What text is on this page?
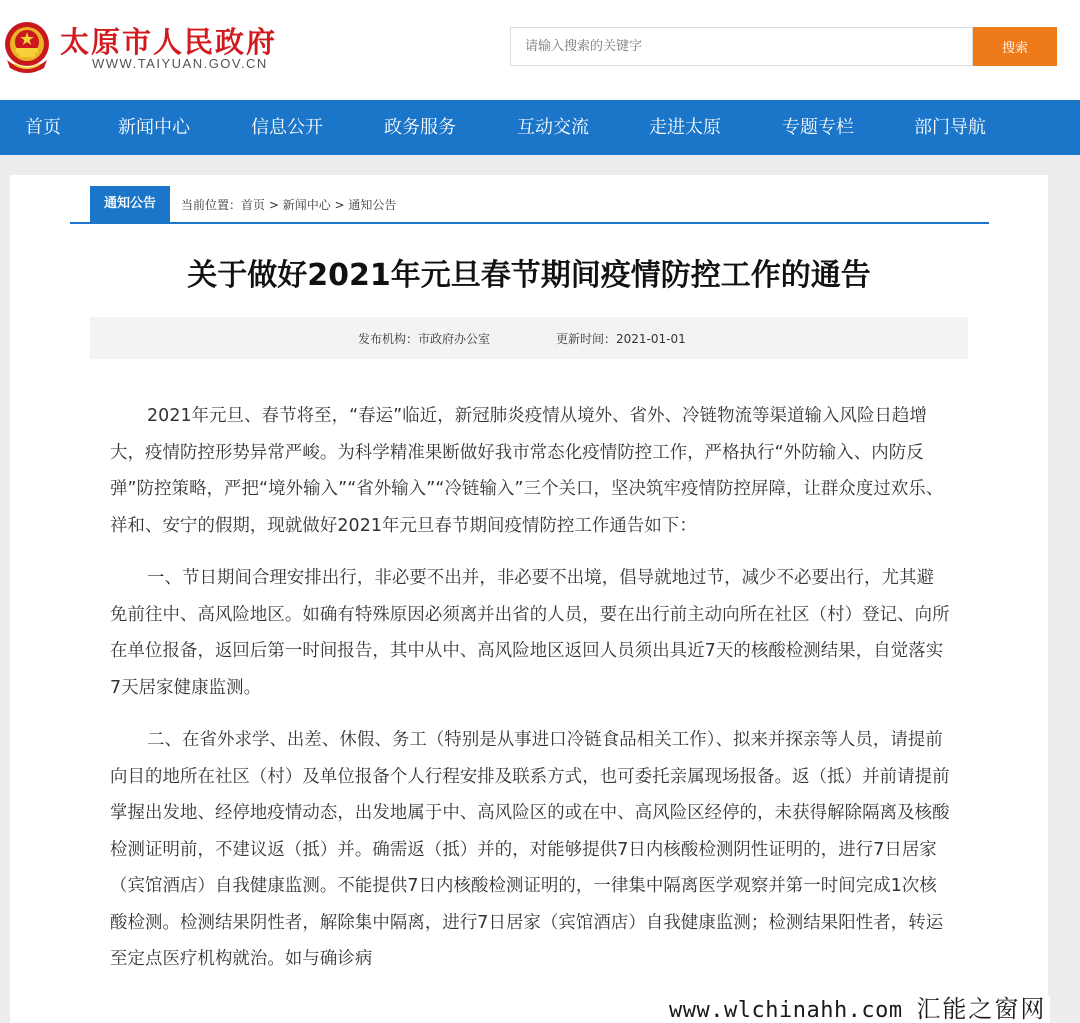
太原市人民政府
WWW.TAIYUAN.GOV.CN
请输入搜索的关键字
搜索
首页	新闻中心	信息公开	政务服务	互动交流	走进太原	专题专栏	部门导航
通知公告	当前位置：首页 > 新闻中心 > 通知公告
关于做好2021年元旦春节期间疫情防控工作的通告
发布机构：市政府办公室	更新时间：2021-01-01

2021年元旦、春节将至，“春运”临近，新冠肺炎疫情从境外、省外、冷链物流等渠道输入风险日趋增大，疫情防控形势异常严峻。为科学精准果断做好我市常态化疫情防控工作，严格执行“外防输入、内防反弹”防控策略，严把“境外输入”“省外输入”“冷链输入”三个关口，坚决筑牢疫情防控屏障，让群众度过欢乐、祥和、安宁的假期，现就做好2021年元旦春节期间疫情防控工作通告如下：

一、节日期间合理安排出行，非必要不出并，非必要不出境，倡导就地过节，减少不必要出行，尤其避免前往中、高风险地区。如确有特殊原因必须离并出省的人员，要在出行前主动向所在社区（村）登记、向所在单位报备，返回后第一时间报告，其中从中、高风险地区返回人员须出具近7天的核酸检测结果，自觉落实7天居家健康监测。

二、在省外求学、出差、休假、务工（特别是从事进口冷链食品相关工作）、拟来并探亲等人员，请提前向目的地所在社区（村）及单位报备个人行程安排及联系方式，也可委托亲属现场报备。返（抵）并前请提前掌握出发地、经停地疫情动态，出发地属于中、高风险区的或在中、高风险区经停的，未获得解除隔离及核酸检测证明前，不建议返（抵）并。确需返（抵）并的，对能够提供7日内核酸检测阴性证明的，进行7日居家（宾馆酒店）自我健康监测。不能提供7日内核酸检测证明的，一律集中隔离医学观察并第一时间完成1次核酸检测。检测结果阴性者，解除集中隔离，进行7日居家（宾馆酒店）自我健康监测；检测结果阳性者，转运至定点医疗机构就治。如与确诊病

www.wlchinahh.com 汇能之窗网
